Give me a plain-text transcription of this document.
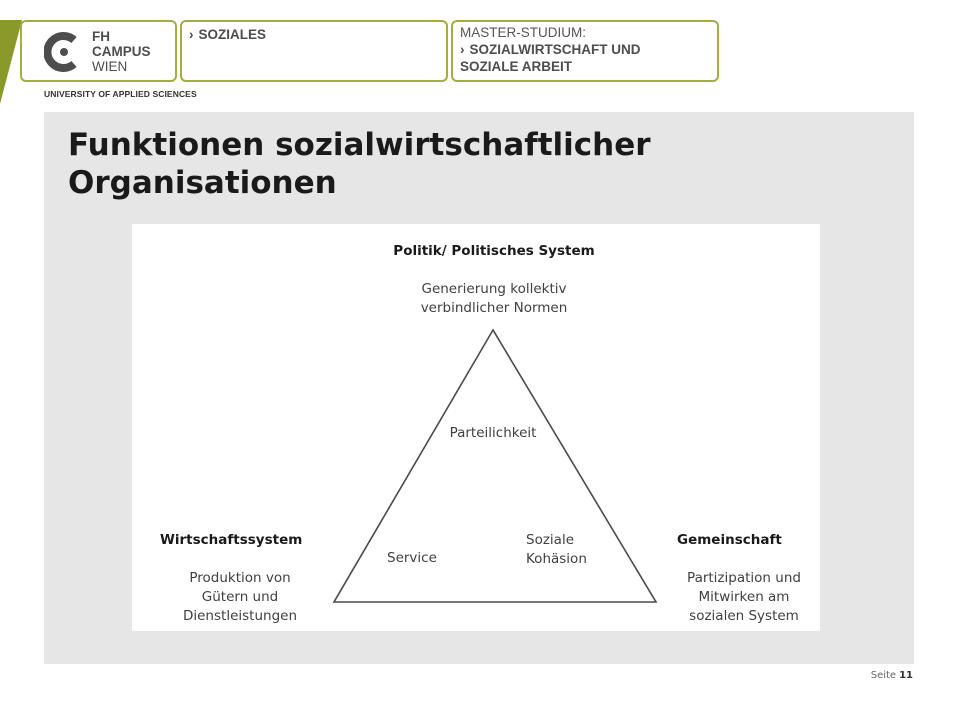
FH
CAMPUS
WIEN
UNIVERSITY OF APPLIED SCIENCES
› SOZIALES	MASTER-STUDIUM:
› SOZIALWIRTSCHAFT UND
SOZIALE ARBEIT
Funktionen sozialwirtschaftlicher
Organisationen
Politik/ Politisches System
Generierung kollektiv
verbindlicher Normen
Parteilichkeit
Service
Soziale
Kohäsion
Wirtschaftssystem
Produktion von
Gütern und
Dienstleistungen
Gemeinschaft
Partizipation und
Mitwirken am
sozialen System
Seite 11
